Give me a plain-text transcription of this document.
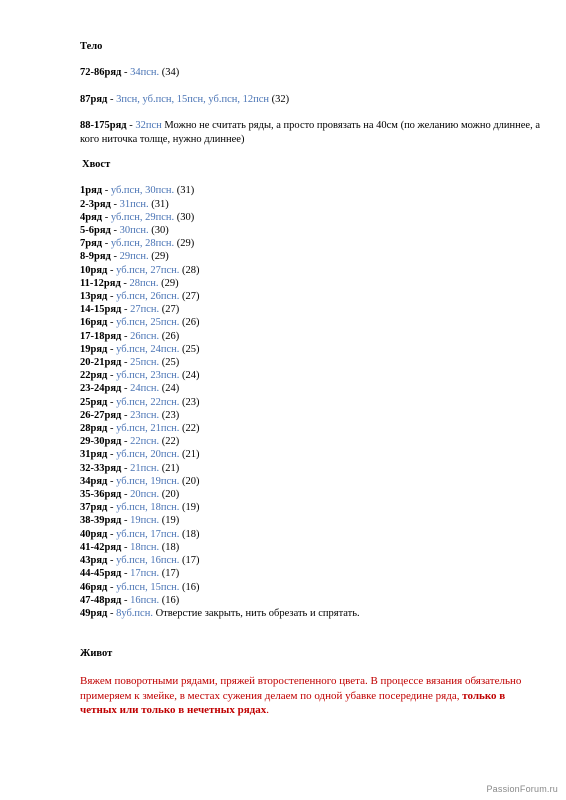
Тело

72-86ряд - 34псн. (34)

87ряд - 3псн, уб.псн, 15псн, уб.псн, 12псн (32)

88-175ряд - 32псн Можно не считать ряды, а просто провязать на 40см (по желанию можно длиннее, а кого ниточка толще, нужно длиннее)

Хвост
1ряд - уб.псн, 30псн. (31)
2-3ряд - 31псн. (31)
4ряд - уб.псн, 29псн. (30)
5-6ряд - 30псн. (30)
7ряд - уб.псн, 28псн. (29)
8-9ряд - 29псн. (29)
10ряд - уб.псн, 27псн. (28)
11-12ряд - 28псн. (29)
13ряд - уб.псн, 26псн. (27)
14-15ряд - 27псн. (27)
16ряд - уб.псн, 25псн. (26)
17-18ряд - 26псн. (26)
19ряд - уб.псн, 24псн. (25)
20-21ряд - 25псн. (25)
22ряд - уб.псн, 23псн. (24)
23-24ряд - 24псн. (24)
25ряд - уб.псн, 22псн. (23)
26-27ряд - 23псн. (23)
28ряд - уб.псн, 21псн. (22)
29-30ряд - 22псн. (22)
31ряд - уб.псн, 20псн. (21)
32-33ряд - 21псн. (21)
34ряд - уб.псн, 19псн. (20)
35-36ряд - 20псн. (20)
37ряд - уб.псн, 18псн. (19)
38-39ряд - 19псн. (19)
40ряд - уб.псн, 17псн. (18)
41-42ряд - 18псн. (18)
43ряд - уб.псн, 16псн. (17)
44-45ряд - 17псн. (17)
46ряд - уб.псн, 15псн. (16)
47-48ряд - 16псн. (16)
49ряд - 8уб.псн. Отверстие закрыть, нить обрезать и спрятать.
Живот

Вяжем поворотными рядами, пряжей второстепенного цвета. В процессе вязания обязательно примеряем к змейке, в местах сужения делаем по одной убавке посередине ряда, только в четных или только в нечетных рядах.

PassionForum.ru
